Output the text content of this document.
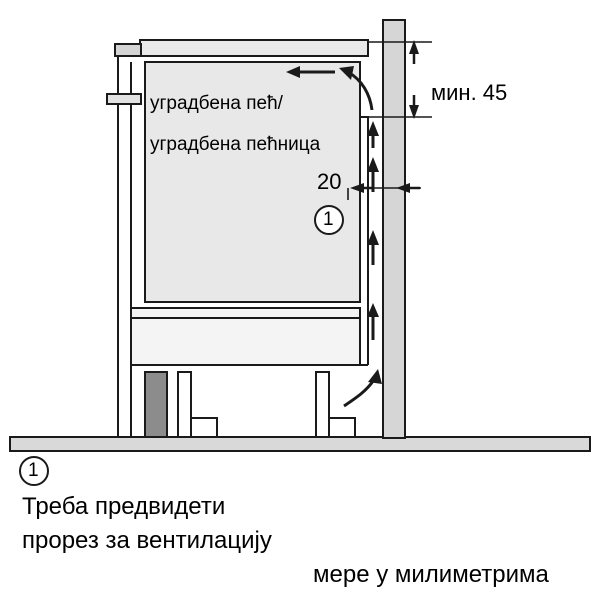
уградбена пећ/
уградбена пећница
мин. 45
20
1
1
Треба предвидети
прорез за вентилацију
мере у милиметрима
